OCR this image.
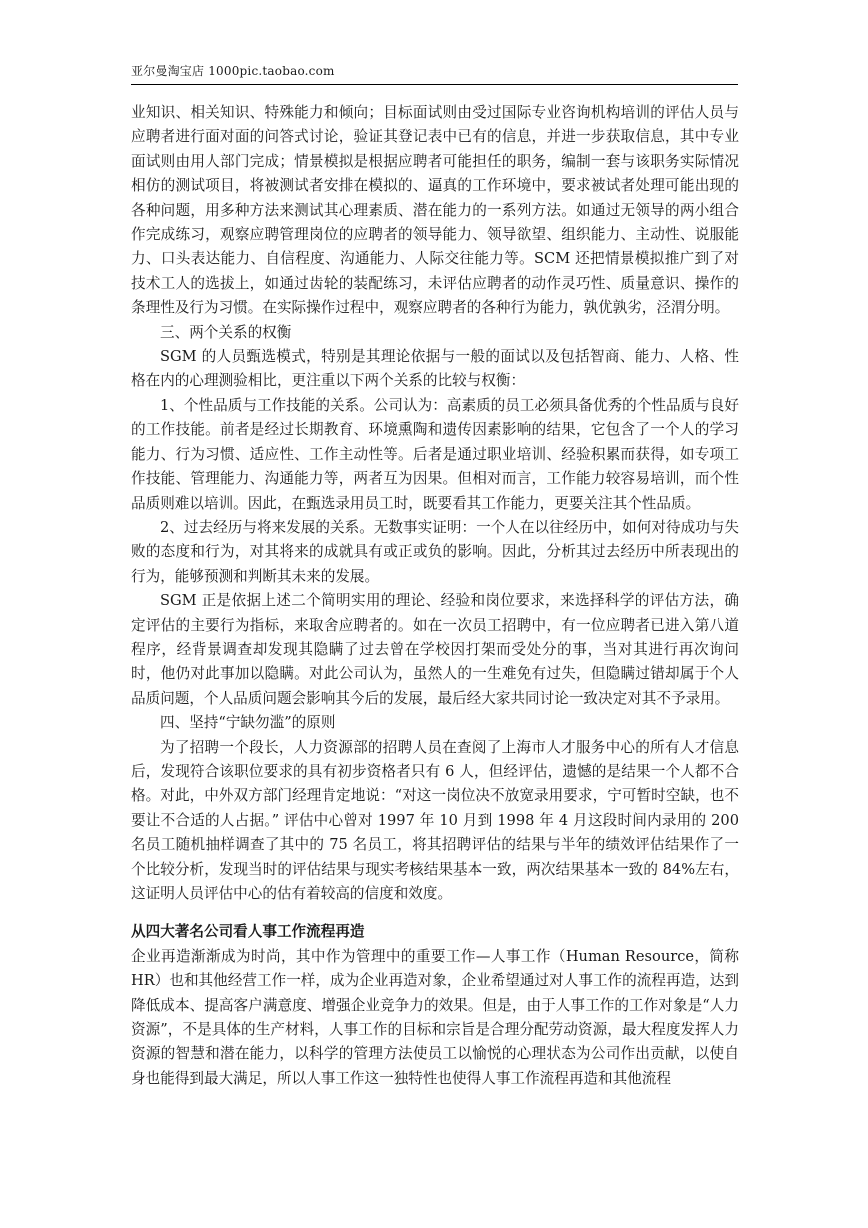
亚尔曼淘宝店 1000pic.taobao.com

业知识、相关知识、特殊能力和倾向；目标面试则由受过国际专业咨询机构培训的评估人员与应聘者进行面对面的问答式讨论，验证其登记表中已有的信息，并进一步获取信息，其中专业面试则由用人部门完成；情景模拟是根据应聘者可能担任的职务，编制一套与该职务实际情况相仿的测试项目，将被测试者安排在模拟的、逼真的工作环境中，要求被试者处理可能出现的各种问题，用多种方法来测试其心理素质、潜在能力的一系列方法。如通过无领导的两小组合作完成练习，观察应聘管理岗位的应聘者的领导能力、领导欲望、组织能力、主动性、说服能力、口头表达能力、自信程度、沟通能力、人际交往能力等。SCM 还把情景模拟推广到了对技术工人的选拔上，如通过齿轮的装配练习，未评估应聘者的动作灵巧性、质量意识、操作的条理性及行为习惯。在实际操作过程中，观察应聘者的各种行为能力，孰优孰劣，泾渭分明。

三、两个关系的权衡

SGM 的人员甄选模式，特别是其理论依据与一般的面试以及包括智商、能力、人格、性格在内的心理测验相比，更注重以下两个关系的比较与权衡：

1、个性品质与工作技能的关系。公司认为：高素质的员工必须具备优秀的个性品质与良好的工作技能。前者是经过长期教育、环境熏陶和遗传因素影响的结果，它包含了一个人的学习能力、行为习惯、适应性、工作主动性等。后者是通过职业培训、经验积累而获得，如专项工作技能、管理能力、沟通能力等，两者互为因果。但相对而言，工作能力较容易培训，而个性品质则难以培训。因此，在甄选录用员工时，既要看其工作能力，更要关注其个性品质。

2、过去经历与将来发展的关系。无数事实证明：一个人在以往经历中，如何对待成功与失败的态度和行为，对其将来的成就具有或正或负的影响。因此，分析其过去经历中所表现出的行为，能够预测和判断其未来的发展。

SGM 正是依据上述二个简明实用的理论、经验和岗位要求，来选择科学的评估方法，确定评估的主要行为指标，来取舍应聘者的。如在一次员工招聘中，有一位应聘者已进入第八道程序，经背景调查却发现其隐瞒了过去曾在学校因打架而受处分的事，当对其进行再次询问时，他仍对此事加以隐瞒。对此公司认为，虽然人的一生难免有过失，但隐瞒过错却属于个人品质问题，个人品质问题会影响其今后的发展，最后经大家共同讨论一致决定对其不予录用。

四、坚持“宁缺勿滥”的原则

为了招聘一个段长，人力资源部的招聘人员在查阅了上海市人才服务中心的所有人才信息后，发现符合该职位要求的具有初步资格者只有 6 人，但经评估，遗憾的是结果一个人都不合格。对此，中外双方部门经理肯定地说：“对这一岗位决不放宽录用要求，宁可暂时空缺，也不要让不合适的人占据。” 评估中心曾对 1997 年 10 月到 1998 年 4 月这段时间内录用的 200 名员工随机抽样调查了其中的 75 名员工，将其招聘评估的结果与半年的绩效评估结果作了一个比较分析，发现当时的评估结果与现实考核结果基本一致，两次结果基本一致的 84%左右，这证明人员评估中心的估有着较高的信度和效度。

从四大著名公司看人事工作流程再造

企业再造渐渐成为时尚，其中作为管理中的重要工作—人事工作（Human Resource，简称 HR）也和其他经营工作一样，成为企业再造对象，企业希望通过对人事工作的流程再造，达到降低成本、提高客户满意度、增强企业竞争力的效果。但是，由于人事工作的工作对象是“人力资源”，不是具体的生产材料，人事工作的目标和宗旨是合理分配劳动资源，最大程度发挥人力资源的智慧和潜在能力，以科学的管理方法使员工以愉悦的心理状态为公司作出贡献，以使自身也能得到最大满足，所以人事工作这一独特性也使得人事工作流程再造和其他流程
